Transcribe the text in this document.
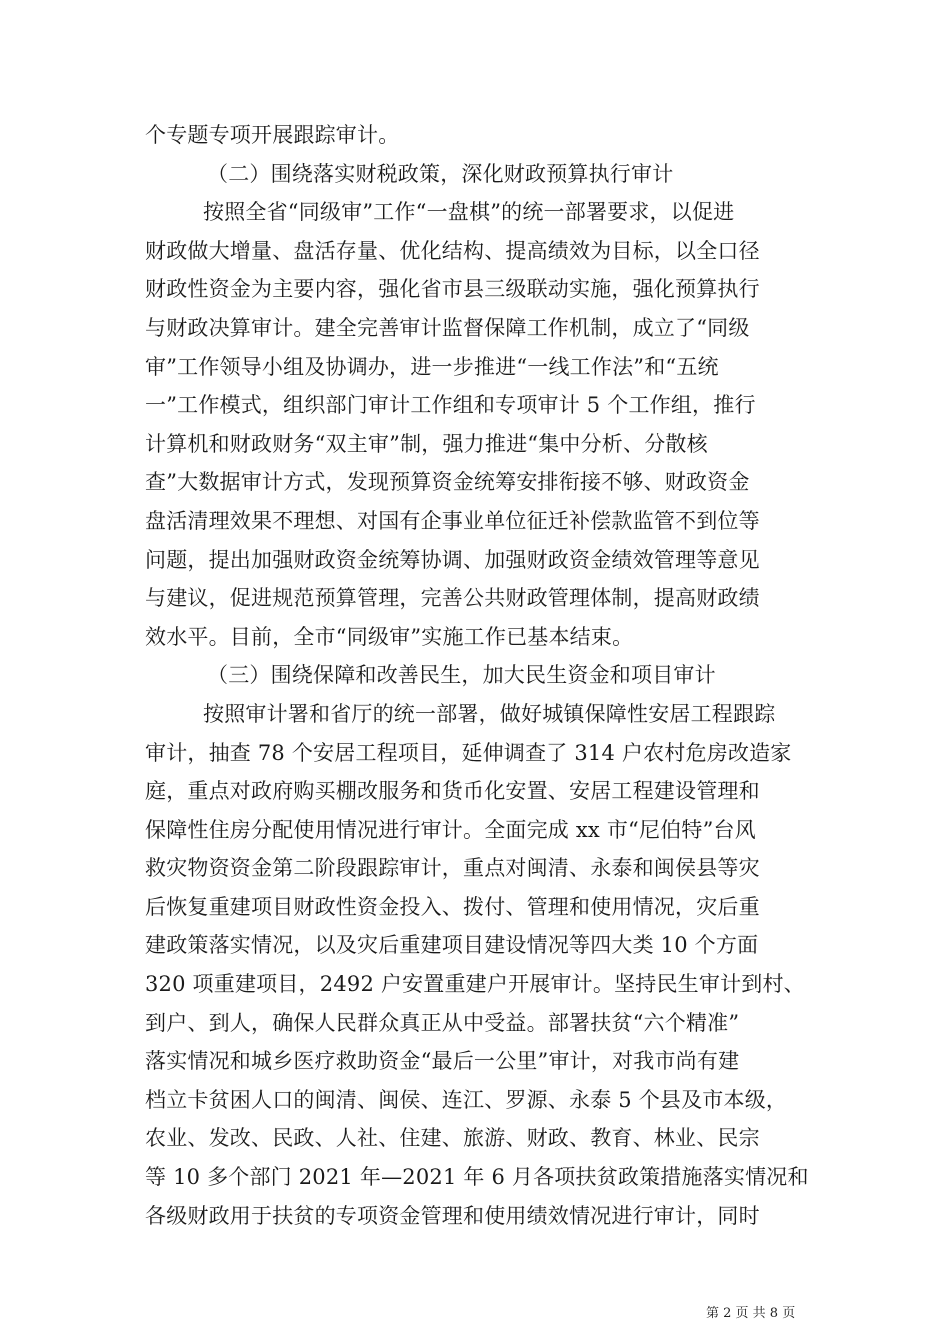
个专题专项开展跟踪审计。
（二）围绕落实财税政策，深化财政预算执行审计
按照全省“同级审”工作“一盘棋”的统一部署要求，以促进
财政做大增量、盘活存量、优化结构、提高绩效为目标，以全口径
财政性资金为主要内容，强化省市县三级联动实施，强化预算执行
与财政决算审计。建全完善审计监督保障工作机制，成立了“同级
审”工作领导小组及协调办，进一步推进“一线工作法”和“五统
一”工作模式，组织部门审计工作组和专项审计 5 个工作组，推行
计算机和财政财务“双主审”制，强力推进“集中分析、分散核
查”大数据审计方式，发现预算资金统筹安排衔接不够、财政资金
盘活清理效果不理想、对国有企事业单位征迁补偿款监管不到位等
问题，提出加强财政资金统筹协调、加强财政资金绩效管理等意见
与建议，促进规范预算管理，完善公共财政管理体制，提高财政绩
效水平。目前，全市“同级审”实施工作已基本结束。
（三）围绕保障和改善民生，加大民生资金和项目审计
按照审计署和省厅的统一部署，做好城镇保障性安居工程跟踪
审计，抽查 78 个安居工程项目，延伸调查了 314 户农村危房改造家
庭，重点对政府购买棚改服务和货币化安置、安居工程建设管理和
保障性住房分配使用情况进行审计。全面完成 xx 市“尼伯特”台风
救灾物资资金第二阶段跟踪审计，重点对闽清、永泰和闽侯县等灾
后恢复重建项目财政性资金投入、拨付、管理和使用情况，灾后重
建政策落实情况，以及灾后重建项目建设情况等四大类 10 个方面
320 项重建项目，2492 户安置重建户开展审计。坚持民生审计到村、
到户、到人，确保人民群众真正从中受益。部署扶贫“六个精准”
落实情况和城乡医疗救助资金“最后一公里”审计，对我市尚有建
档立卡贫困人口的闽清、闽侯、连江、罗源、永泰 5 个县及市本级，
农业、发改、民政、人社、住建、旅游、财政、教育、林业、民宗
等 10 多个部门 2021 年—2021 年 6 月各项扶贫政策措施落实情况和
各级财政用于扶贫的专项资金管理和使用绩效情况进行审计，同时
第 2 页 共 8 页
